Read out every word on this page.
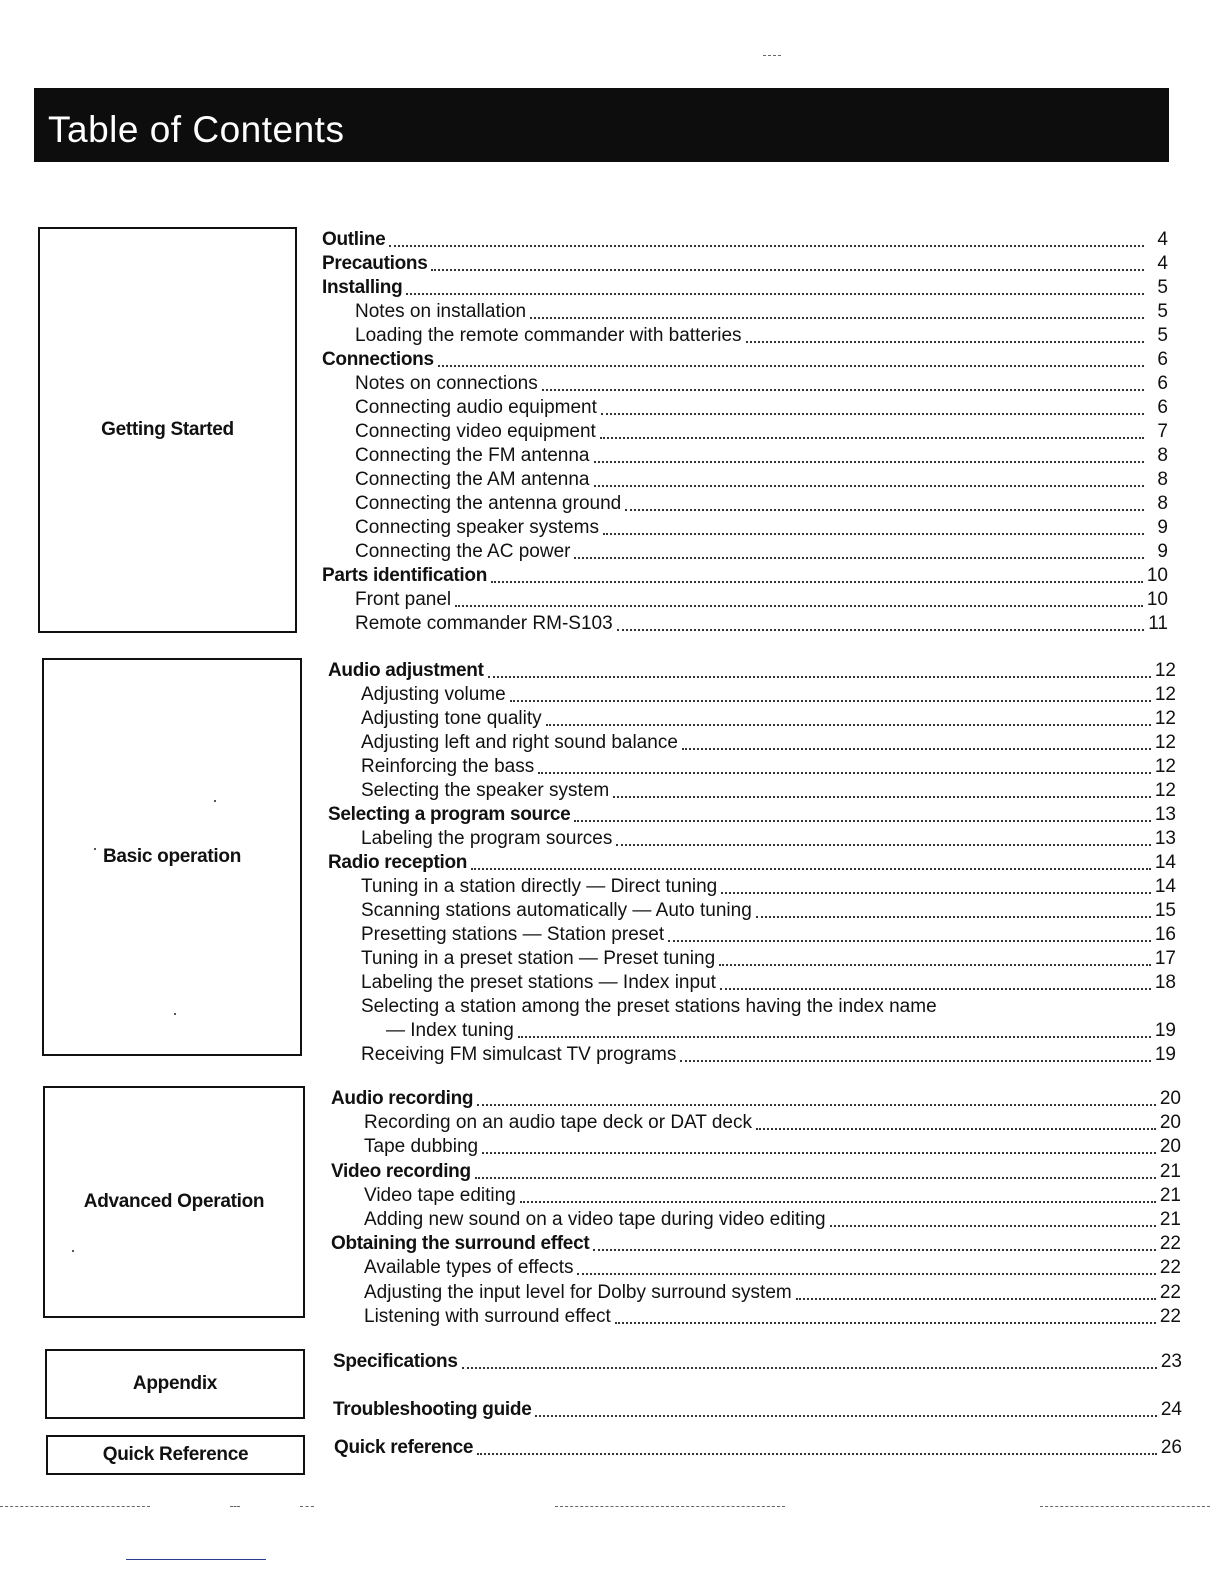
Table of Contents
Getting Started
Outline	4
Precautions	4
Installing	5
Notes on installation	5
Loading the remote commander with batteries	5
Connections	6
Notes on connections	6
Connecting audio equipment	6
Connecting video equipment	7
Connecting the FM antenna	8
Connecting the AM antenna	8
Connecting the antenna ground	8
Connecting speaker systems	9
Connecting the AC power	9
Parts identification	10
Front panel	10
Remote commander RM-S103	11
Basic operation
Audio adjustment	12
Adjusting volume	12
Adjusting tone quality	12
Adjusting left and right sound balance	12
Reinforcing the bass	12
Selecting the speaker system	12
Selecting a program source	13
Labeling the program sources	13
Radio reception	14
Tuning in a station directly — Direct tuning	14
Scanning stations automatically — Auto tuning	15
Presetting stations — Station preset	16
Tuning in a preset station — Preset tuning	17
Labeling the preset stations — Index input	18
Selecting a station among the preset stations having the index name
— Index tuning	19
Receiving FM simulcast TV programs	19
Advanced Operation
Audio recording	20
Recording on an audio tape deck or DAT deck	20
Tape dubbing	20
Video recording	21
Video tape editing	21
Adding new sound on a video tape during video editing	21
Obtaining the surround effect	22
Available types of effects	22
Adjusting the input level for Dolby surround system	22
Listening with surround effect	22
Appendix
Specifications	23
Troubleshooting guide	24
Quick Reference	Quick reference	26
